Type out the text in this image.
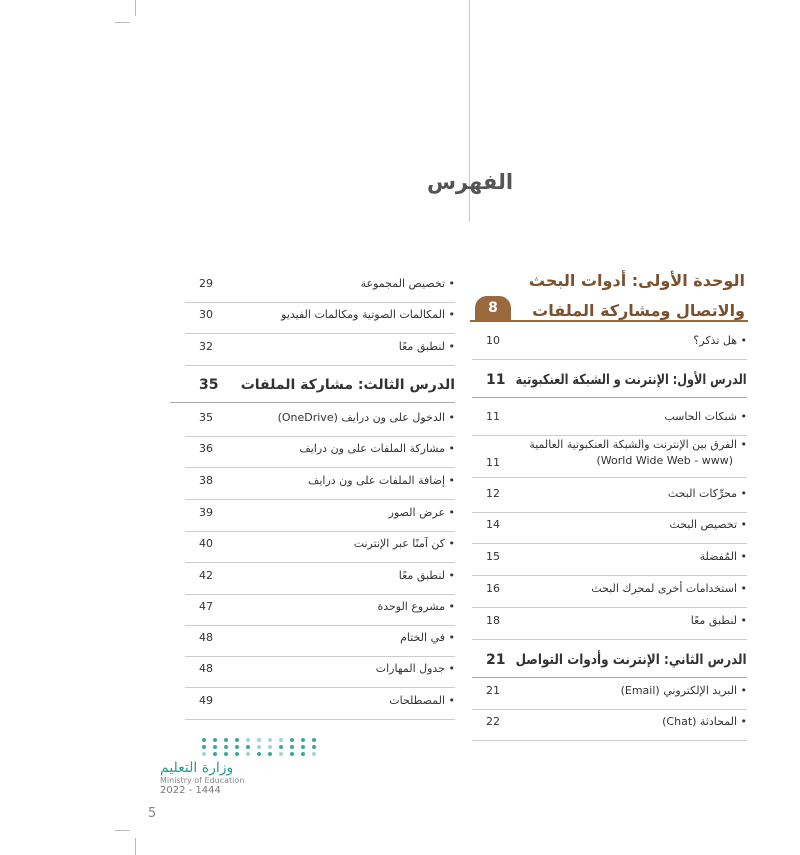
الفهرس
الوحدة الأولى: أدوات البحث
والاتصال ومشاركة الملفات
8
• هل تذكر؟
10
الدرس الأول: الإنترنت و الشبكة العنكبوتية
11
• شبكات الحاسب
11
• الفرق بين الإنترنت والشبكة العنكبوتية العالمية
(World Wide Web - www)
11
• محرِّكات البحث
12
• تخصيص البحث
14
• المُفضلة
15
• استخدامات أخرى لمحرك البحث
16
• لنطبق معًا
18
الدرس الثاني: الإنترنت وأدوات التواصل
21
• البريد الإلكتروني (Email)
21
• المحادثة (Chat)
22
• تخصيص المجموعة
29
• المكالمات الصوتية ومكالمات الفيديو
30
• لنطبق معًا
32
الدرس الثالث: مشاركة الملفات
35
• الدخول على ون درايف (OneDrive)
35
• مشاركة الملفات على ون درايف
36
• إضافة الملفات على ون درايف
38
• عرض الصور
39
• كن آمنًا عبر الإنترنت
40
• لنطبق معًا
42
• مشروع الوحدة
47
• في الختام
48
• جدول المهارات
48
• المصطلحات
49
وزارة التعليم
Ministry of Education
2022 - 1444
5
